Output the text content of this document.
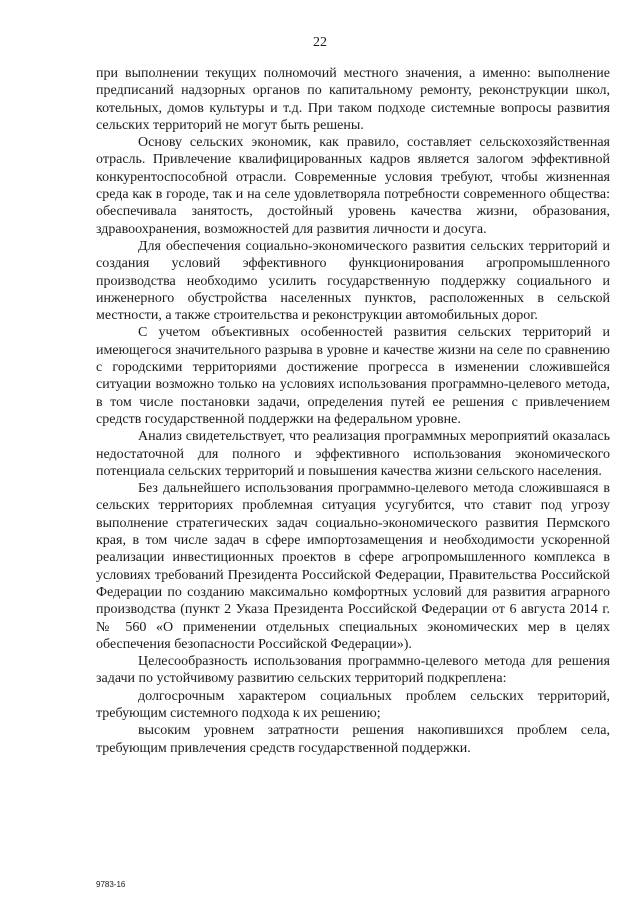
22

при выполнении текущих полномочий местного значения, а именно: выполнение предписаний надзорных органов по капитальному ремонту, реконструкции школ, котельных, домов культуры и т.д. При таком подходе системные вопросы развития сельских территорий не могут быть решены.

Основу сельских экономик, как правило, составляет сельскохозяйственная отрасль. Привлечение квалифицированных кадров является залогом эффективной конкурентоспособной отрасли. Современные условия требуют, чтобы жизненная среда как в городе, так и на селе удовлетворяла потребности современного общества: обеспечивала занятость, достойный уровень качества жизни, образования, здравоохранения, возможностей для развития личности и досуга.

Для обеспечения социально-экономического развития сельских территорий и создания условий эффективного функционирования агропромышленного производства необходимо усилить государственную поддержку социального и инженерного обустройства населенных пунктов, расположенных в сельской местности, а также строительства и реконструкции автомобильных дорог.

С учетом объективных особенностей развития сельских территорий и имеющегося значительного разрыва в уровне и качестве жизни на селе по сравнению с городскими территориями достижение прогресса в изменении сложившейся ситуации возможно только на условиях использования программно-целевого метода, в том числе постановки задачи, определения путей ее решения с привлечением средств государственной поддержки на федеральном уровне.

Анализ свидетельствует, что реализация программных мероприятий оказалась недостаточной для полного и эффективного использования экономического потенциала сельских территорий и повышения качества жизни сельского населения.

Без дальнейшего использования программно-целевого метода сложившаяся в сельских территориях проблемная ситуация усугубится, что ставит под угрозу выполнение стратегических задач социально-экономического развития Пермского края, в том числе задач в сфере импортозамещения и необходимости ускоренной реализации инвестиционных проектов в сфере агропромышленного комплекса в условиях требований Президента Российской Федерации, Правительства Российской Федерации по созданию максимально комфортных условий для развития аграрного производства (пункт 2 Указа Президента Российской Федерации от 6 августа 2014 г. № 560 «О применении отдельных специальных экономических мер в целях обеспечения безопасности Российской Федерации»).

Целесообразность использования программно-целевого метода для решения задачи по устойчивому развитию сельских территорий подкреплена:

долгосрочным характером социальных проблем сельских территорий, требующим системного подхода к их решению;

высоким уровнем затратности решения накопившихся проблем села, требующим привлечения средств государственной поддержки.

9783-16
